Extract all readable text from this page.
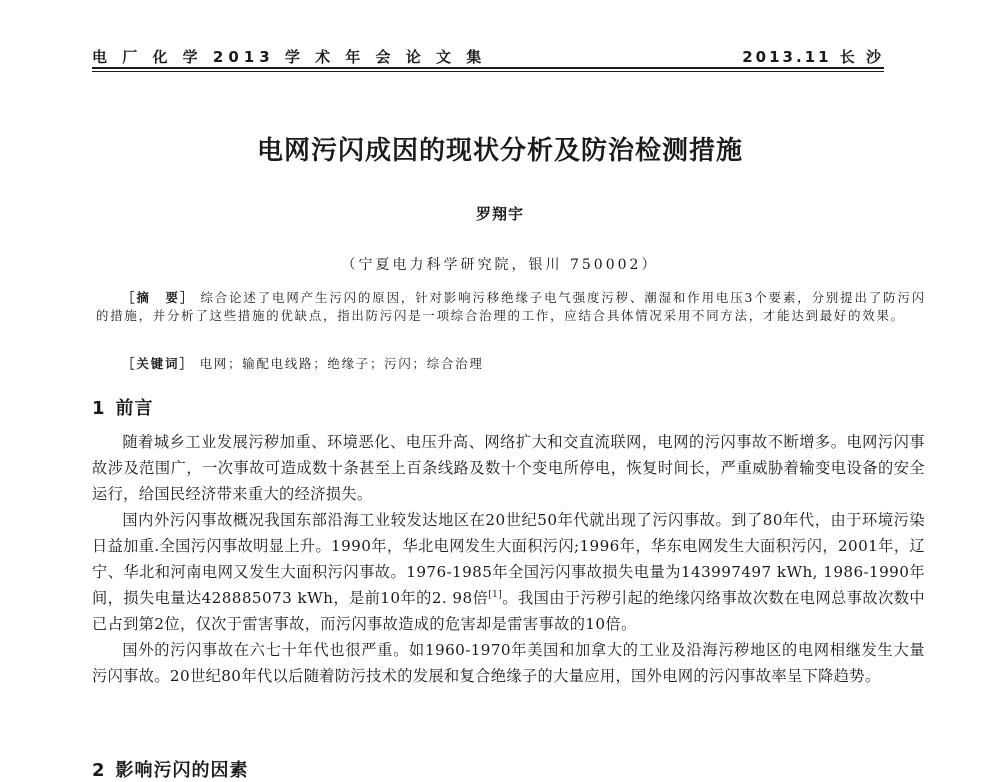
电 厂 化 学 2013 学 术 年 会 论 文 集	2013.11 长 沙
电网污闪成因的现状分析及防治检测措施
罗翔宇
（宁夏电力科学研究院，银川 750002）
［摘　要］ 综合论述了电网产生污闪的原因，针对影响污移绝缘子电气强度污秽、潮湿和作用电压3个要素，分别提出了防污闪的措施，并分析了这些措施的优缺点，指出防污闪是一项综合治理的工作，应结合具体情况采用不同方法，才能达到最好的效果。
［关键词］ 电网；输配电线路；绝缘子；污闪；综合治理
1 前言

随着城乡工业发展污秽加重、环境恶化、电压升高、网络扩大和交直流联网，电网的污闪事故不断增多。电网污闪事故涉及范围广，一次事故可造成数十条甚至上百条线路及数十个变电所停电，恢复时间长，严重威胁着输变电设备的安全运行，给国民经济带来重大的经济损失。

国内外污闪事故概况我国东部沿海工业较发达地区在20世纪50年代就出现了污闪事故。到了80年代，由于环境污染日益加重.全国污闪事故明显上升。1990年，华北电网发生大面积污闪;1996年，华东电网发生大面积污闪，2001年，辽宁、华北和河南电网又发生大面积污闪事故。1976-1985年全国污闪事故损失电量为143997497 kWh, 1986-1990年间，损失电量达428885073 kWh，是前10年的2. 98倍[1]。我国由于污秽引起的绝缘闪络事故次数在电网总事故次数中已占到第2位，仅次于雷害事故，而污闪事故造成的危害却是雷害事故的10倍。

国外的污闪事故在六七十年代也很严重。如1960-1970年美国和加拿大的工业及沿海污秽地区的电网相继发生大量污闪事故。20世纪80年代以后随着防污技术的发展和复合绝缘子的大量应用，国外电网的污闪事故率呈下降趋势。

2 影响污闪的因素
